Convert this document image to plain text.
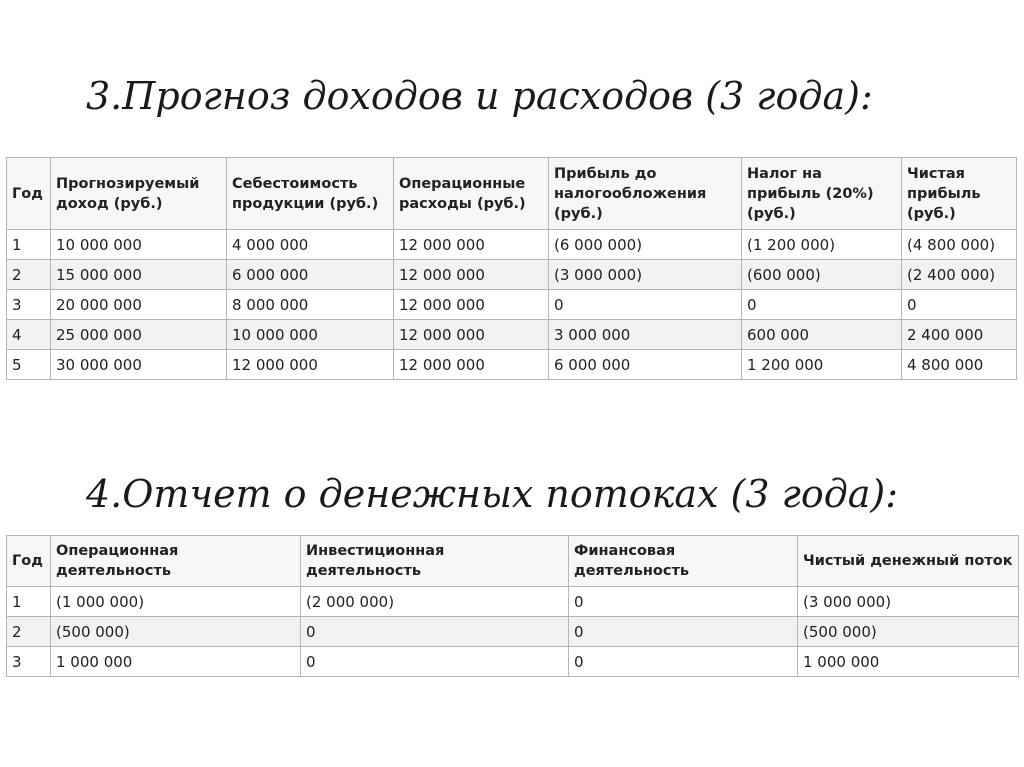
3.Прогноз доходов и расходов (3 года):
Год	Прогнозируемый доход (руб.)	Себестоимость продукции (руб.)	Операционные расходы (руб.)	Прибыль до налогообложения (руб.)	Налог на прибыль (20%) (руб.)	Чистая прибыль (руб.)
1	10 000 000	4 000 000	12 000 000	(6 000 000)	(1 200 000)	(4 800 000)
2	15 000 000	6 000 000	12 000 000	(3 000 000)	(600 000)	(2 400 000)
3	20 000 000	8 000 000	12 000 000	0	0	0
4	25 000 000	10 000 000	12 000 000	3 000 000	600 000	2 400 000
5	30 000 000	12 000 000	12 000 000	6 000 000	1 200 000	4 800 000
4.Отчет о денежных потоках (3 года):
Год	Операционная деятельность	Инвестиционная деятельность	Финансовая деятельность	Чистый денежный поток
1	(1 000 000)	(2 000 000)	0	(3 000 000)
2	(500 000)	0	0	(500 000)
3	1 000 000	0	0	1 000 000
